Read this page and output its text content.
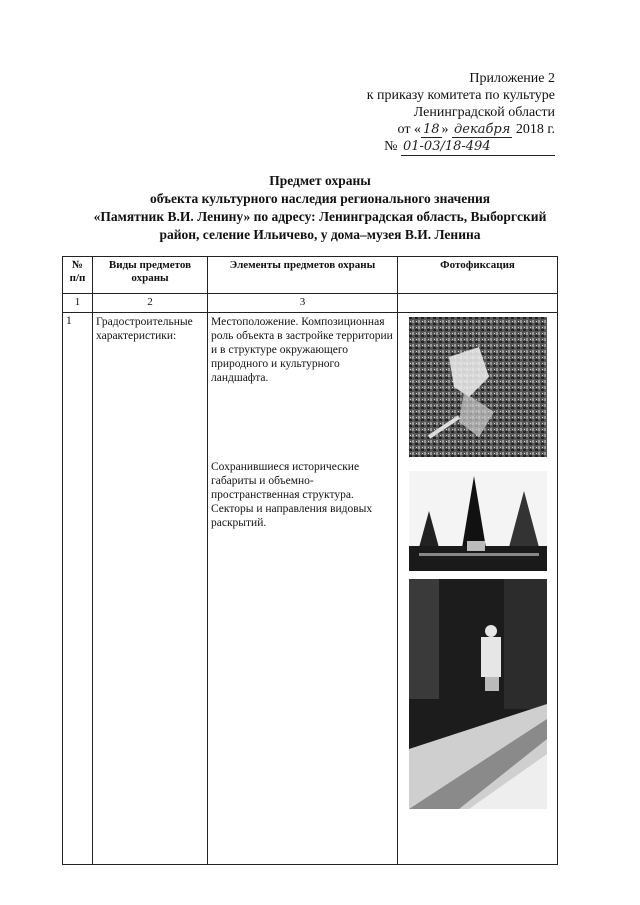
Приложение 2
к приказу комитета по культуре
Ленинградской области
от « 18 » декабря 2018 г.
№ 01-03/18-494
Предмет охраны
объекта культурного наследия регионального значения
«Памятник В.И. Ленину» по адресу: Ленинградская область, Выборгский
район, селение Ильичево, у дома–музея В.И. Ленина
№ п/п	Виды предметов охраны	Элементы предметов охраны	Фотофиксация
1	2	3	
1	Градостроительные характеристики:	Местоположение. Композиционная роль объекта в застройке территории и в структуре окружающего природного и культурного ландшафта.
Сохранившиеся исторические габариты и объемно-пространственная структура. Секторы и направления видовых раскрытий.
